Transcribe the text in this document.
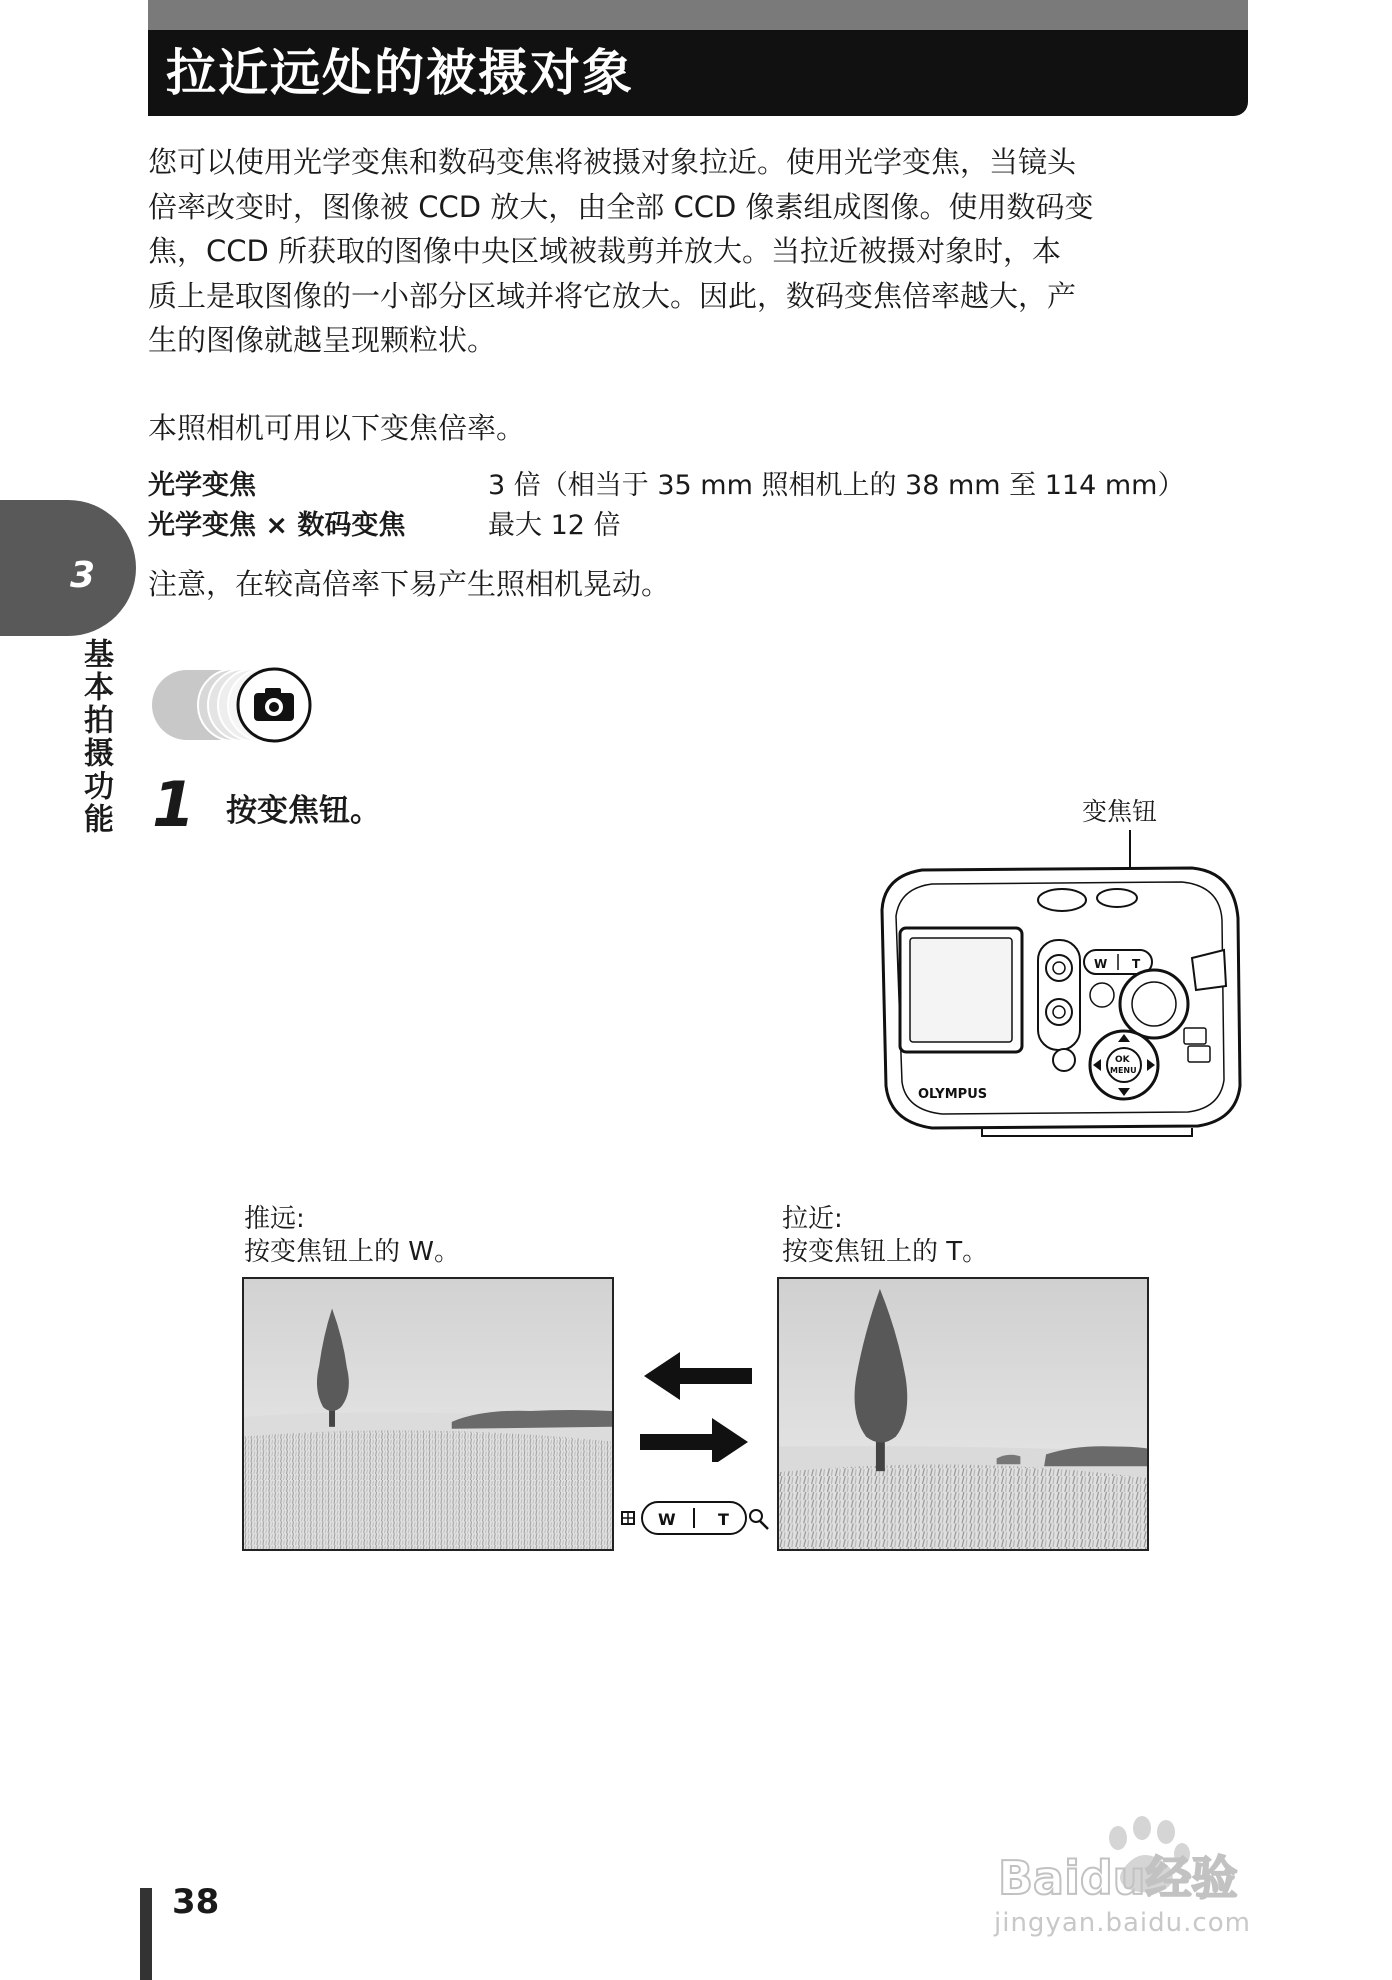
拉近远处的被摄对象

您可以使用光学变焦和数码变焦将被摄对象拉近。使用光学变焦，当镜头

倍率改变时，图像被 CCD 放大，由全部 CCD 像素组成图像。使用数码变

焦，CCD 所获取的图像中央区域被裁剪并放大。当拉近被摄对象时，本

质上是取图像的一小部分区域并将它放大。因此，数码变焦倍率越大，产

生的图像就越呈现颗粒状。

本照相机可用以下变焦倍率。
光学变焦	3 倍（相当于 35 mm 照相机上的 38 mm 至 114 mm）
光学变焦 × 数码变焦	最大 12 倍
注意，在较高倍率下易产生照相机晃动。
3
基本拍摄功能 1 按变焦钮。	变焦钮
W T
OLYMPUS
OK
MENU
推远:
按变焦钮上的 W。
拉近:
按变焦钮上的 T。
W	T
38	Baidu经验
jingyan.baidu.com
